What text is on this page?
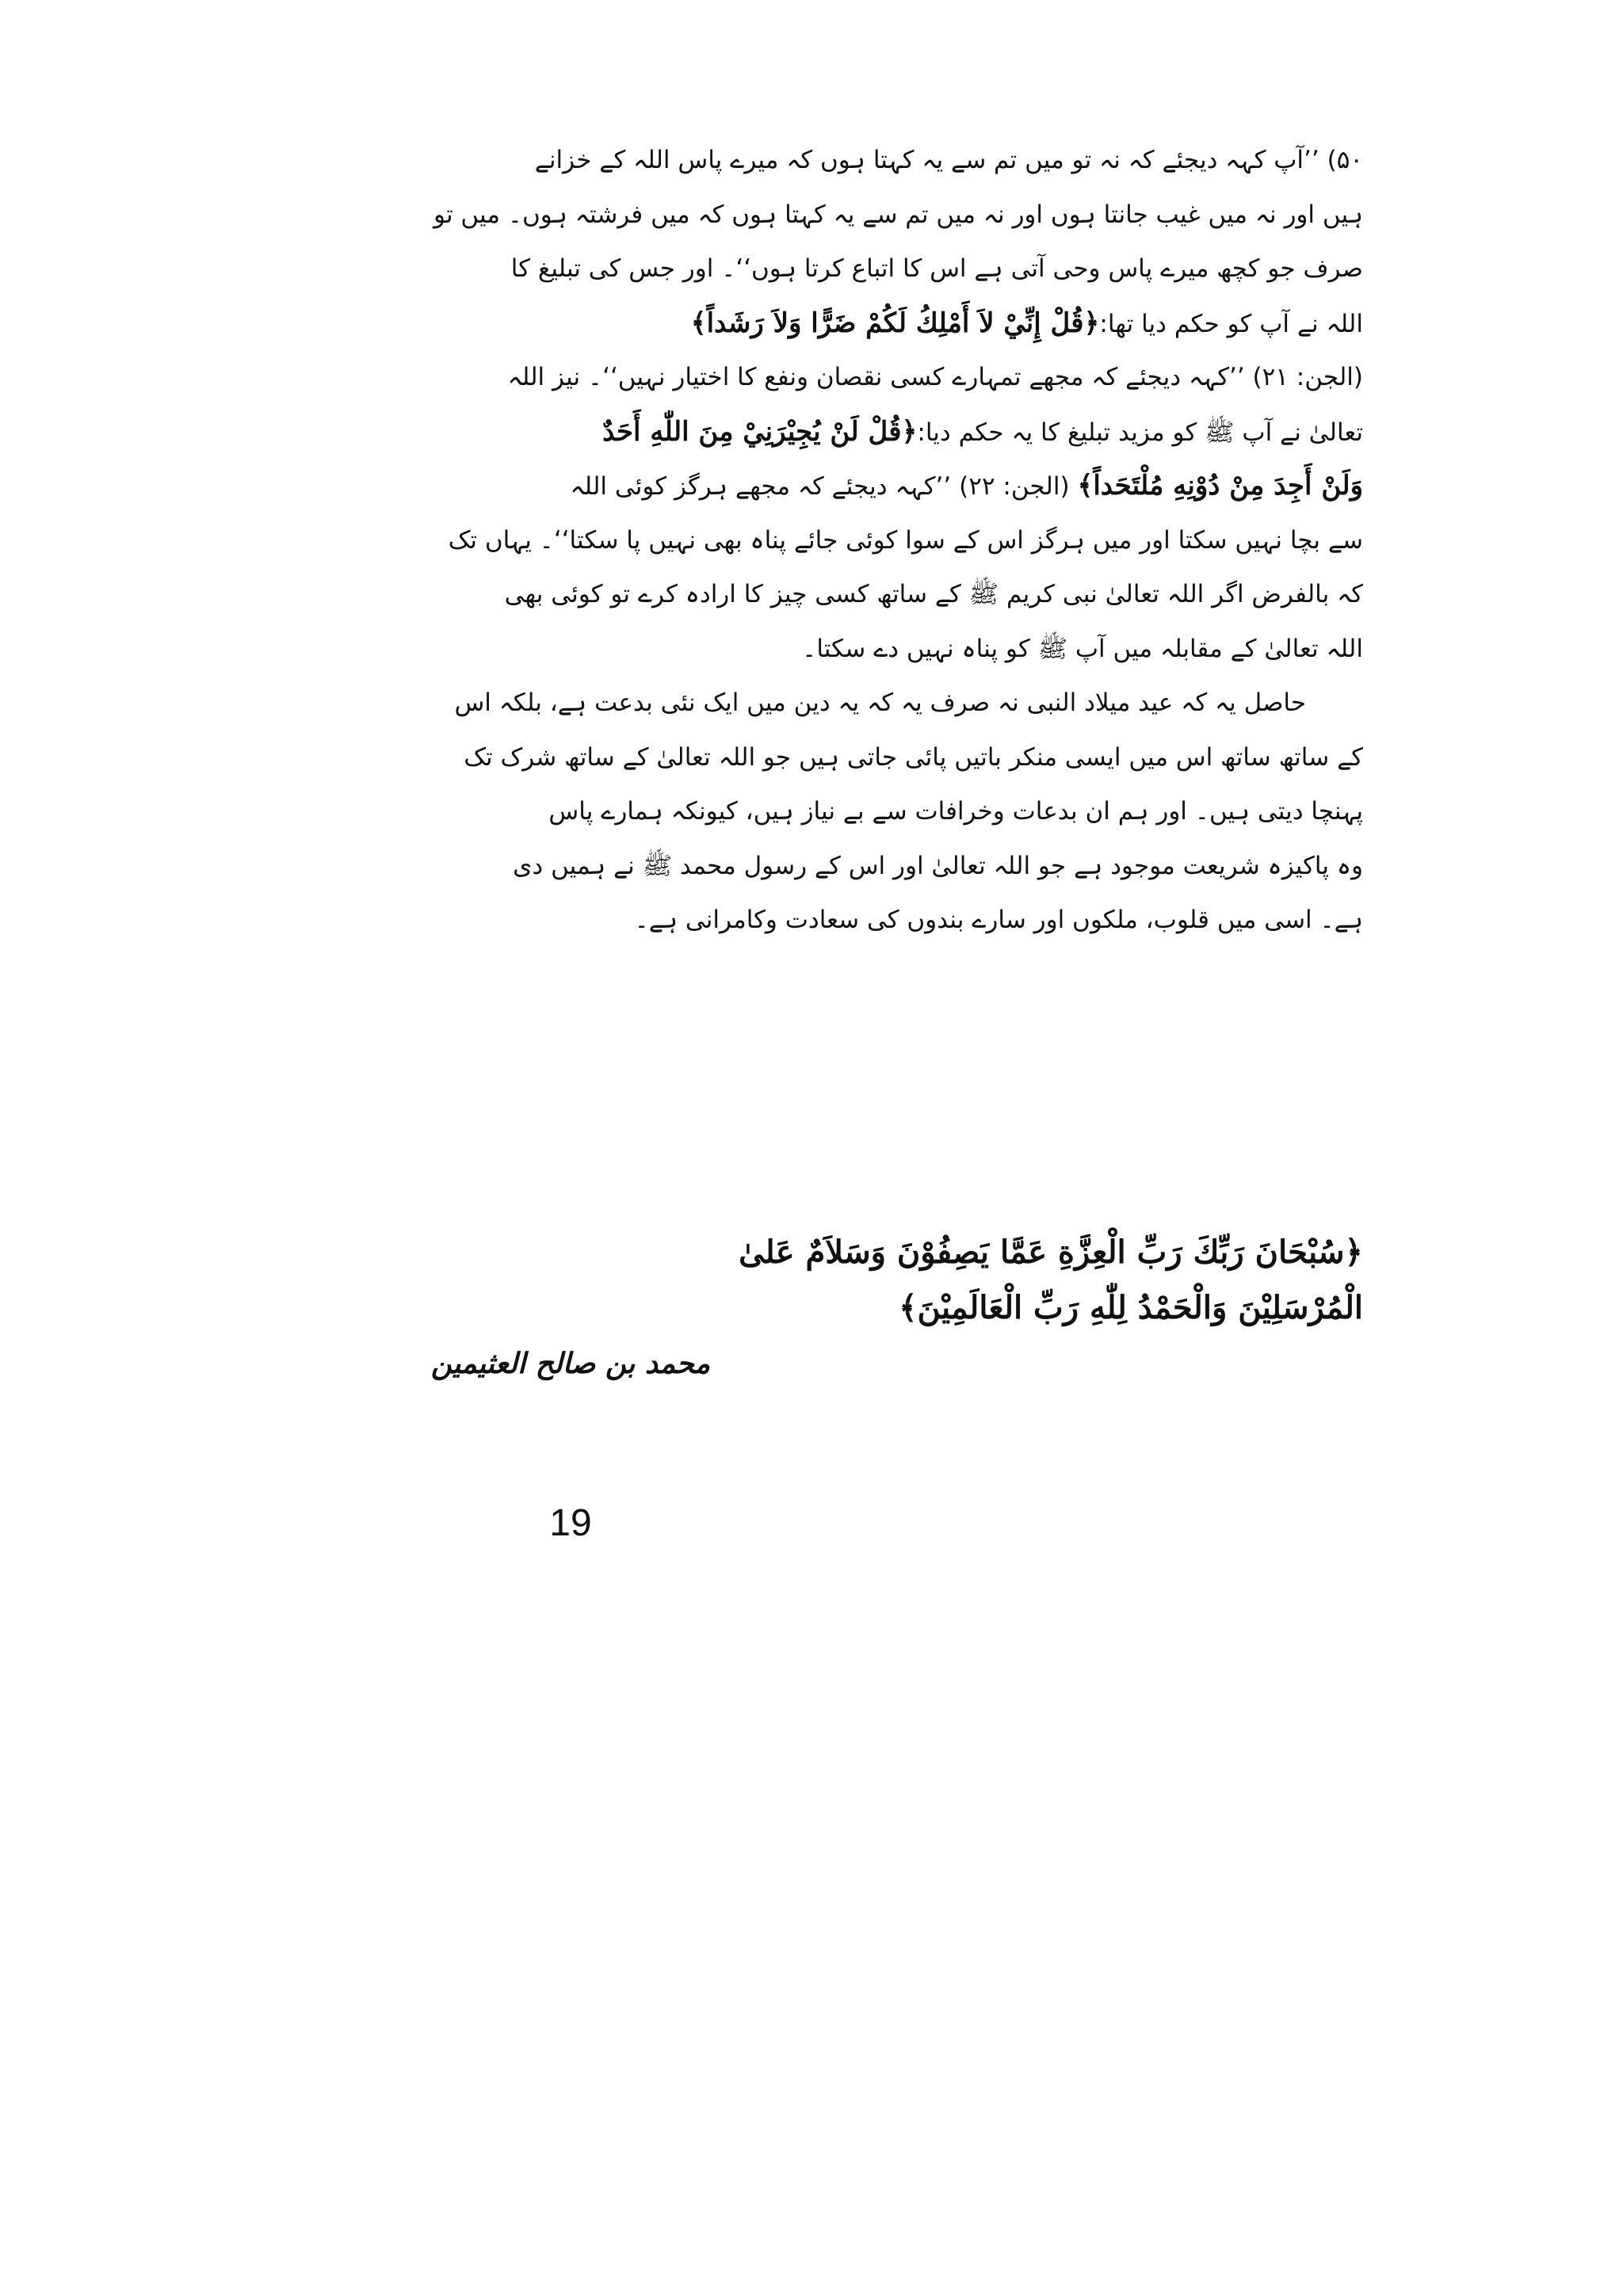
۵۰) ’’آپ کہہ دیجئے کہ نہ تو میں تم سے یہ کہتا ہوں کہ میرے پاس اللہ کے خزانے
ہیں اور نہ میں غیب جانتا ہوں اور نہ میں تم سے یہ کہتا ہوں کہ میں فرشتہ ہوں۔ میں تو
صرف جو کچھ میرے پاس وحی آتی ہے اس کا اتباع کرتا ہوں‘‘۔ اور جس کی تبلیغ کا
اللہ نے آپ کو حکم دیا تھا:﴿قُلْ إِنِّيْ لاَ أَمْلِكُ لَكُمْ ضَرًّا وَلاَ رَشَداً﴾
(الجن: ۲۱) ’’کہہ دیجئے کہ مجھے تمہارے کسی نقصان ونفع کا اختیار نہیں‘‘۔ نیز اللہ
تعالیٰ نے آپ ﷺ کو مزید تبلیغ کا یہ حکم دیا:﴿قُلْ لَنْ يُجِيْرَنِيْ مِنَ اللّٰهِ أَحَدٌ
وَلَنْ أَجِدَ مِنْ دُوْنِهِ مُلْتَحَداً﴾ (الجن: ۲۲) ’’کہہ دیجئے کہ مجھے ہرگز کوئی اللہ
سے بچا نہیں سکتا اور میں ہرگز اس کے سوا کوئی جائے پناہ بھی نہیں پا سکتا‘‘۔ یہاں تک
کہ بالفرض اگر اللہ تعالیٰ نبی کریم ﷺ کے ساتھ کسی چیز کا ارادہ کرے تو کوئی بھی
اللہ تعالیٰ کے مقابلہ میں آپ ﷺ کو پناہ نہیں دے سکتا۔
حاصل یہ کہ عید میلاد النبی نہ صرف یہ کہ یہ دین میں ایک نئی بدعت ہے، بلکہ اس
کے ساتھ ساتھ اس میں ایسی منکر باتیں پائی جاتی ہیں جو اللہ تعالیٰ کے ساتھ شرک تک
پہنچا دیتی ہیں۔ اور ہم ان بدعات وخرافات سے بے نیاز ہیں، کیونکہ ہمارے پاس
وہ پاکیزہ شریعت موجود ہے جو اللہ تعالیٰ اور اس کے رسول محمد ﷺ نے ہمیں دی
ہے۔ اسی میں قلوب، ملکوں اور سارے بندوں کی سعادت وکامرانی ہے۔
﴿سُبْحَانَ رَبِّكَ رَبِّ الْعِزَّةِ عَمَّا يَصِفُوْنَ وَسَلاَمٌ عَلىٰ
الْمُرْسَلِيْنَ وَالْحَمْدُ لِلّٰهِ رَبِّ الْعَالَمِيْنَ﴾
محمد بن صالح العثیمین
19
